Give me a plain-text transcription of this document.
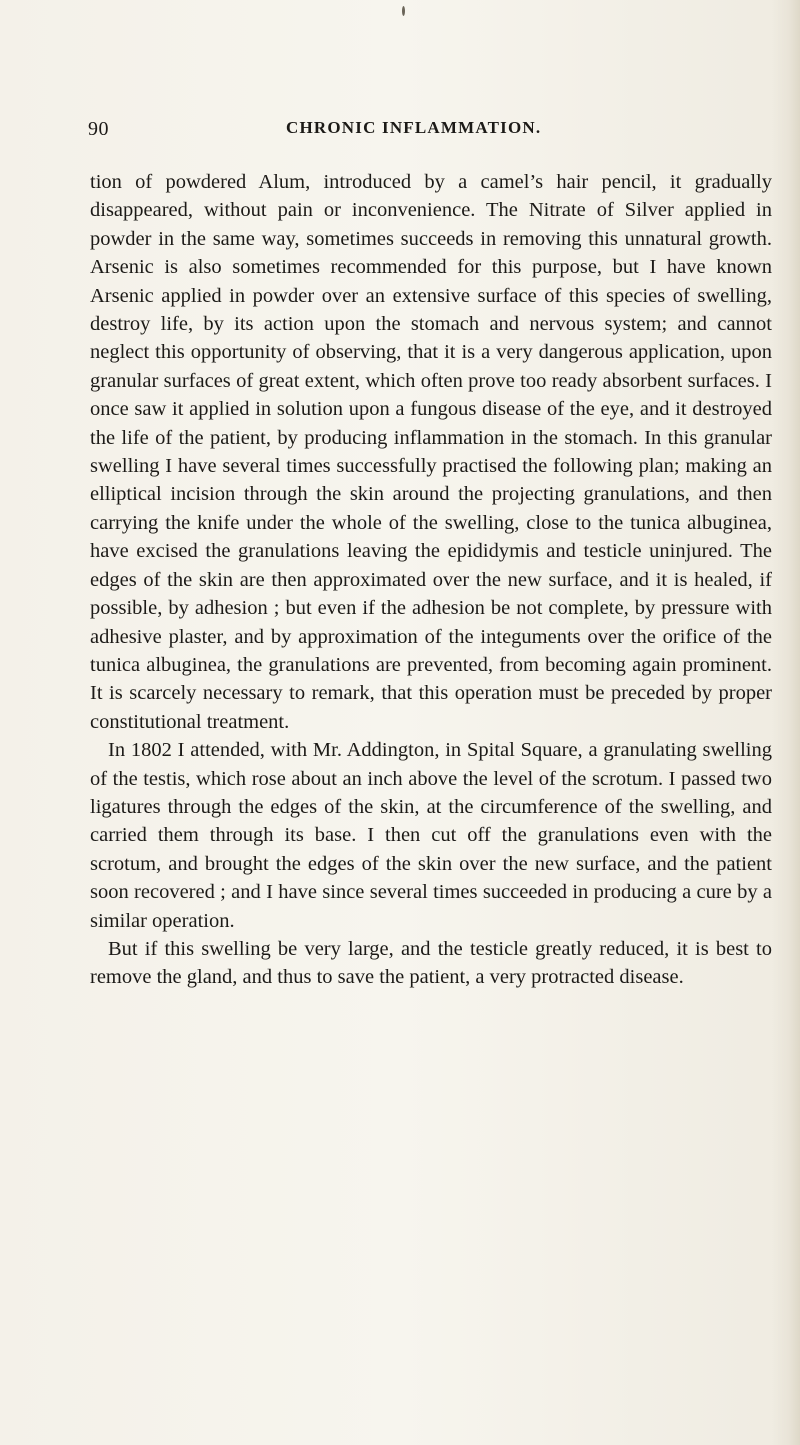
90	CHRONIC INFLAMMATION.

tion of powdered Alum, introduced by a camel’s hair pencil, it gradually disappeared, without pain or inconvenience. The Nitrate of Silver applied in powder in the same way, sometimes succeeds in removing this unnatural growth. Arsenic is also sometimes recommended for this purpose, but I have known Arsenic applied in powder over an extensive surface of this species of swelling, destroy life, by its action upon the stomach and nervous system; and cannot neglect this opportunity of observing, that it is a very dangerous application, upon granular surfaces of great extent, which often prove too ready absorbent surfaces. I once saw it applied in solution upon a fungous disease of the eye, and it destroyed the life of the patient, by producing inflammation in the stomach. In this granular swelling I have several times successfully practised the following plan; making an elliptical incision through the skin around the projecting granulations, and then carrying the knife under the whole of the swelling, close to the tunica albuginea, have excised the granulations leaving the epididymis and testicle uninjured. The edges of the skin are then approximated over the new surface, and it is healed, if possible, by adhesion ; but even if the adhesion be not complete, by pressure with adhesive plaster, and by approximation of the integuments over the orifice of the tunica albuginea, the granulations are prevented, from becoming again prominent. It is scarcely necessary to remark, that this operation must be preceded by proper constitutional treatment.

In 1802 I attended, with Mr. Addington, in Spital Square, a granulating swelling of the testis, which rose about an inch above the level of the scrotum. I passed two ligatures through the edges of the skin, at the circumference of the swelling, and carried them through its base. I then cut off the granulations even with the scrotum, and brought the edges of the skin over the new surface, and the patient soon recovered ; and I have since several times succeeded in producing a cure by a similar operation.

But if this swelling be very large, and the testicle greatly reduced, it is best to remove the gland, and thus to save the patient, a very protracted disease.
